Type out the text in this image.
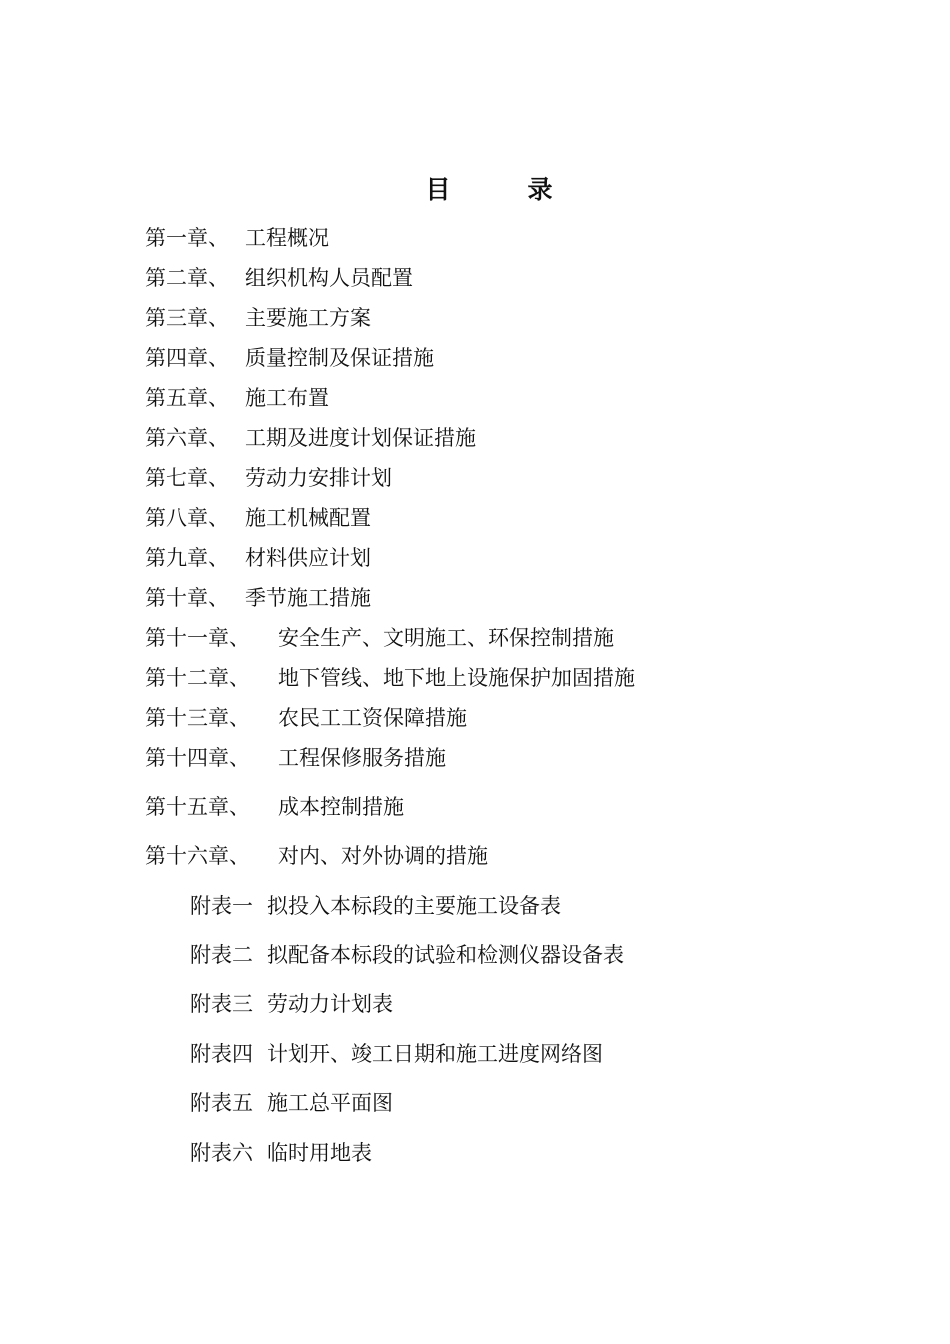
目　录
第一章、 工程概况
第二章、 组织机构人员配置
第三章、 主要施工方案
第四章、 质量控制及保证措施
第五章、 施工布置
第六章、 工期及进度计划保证措施
第七章、 劳动力安排计划
第八章、 施工机械配置
第九章、 材料供应计划
第十章、 季节施工措施
第十一章、 安全生产、文明施工、环保控制措施
第十二章、 地下管线、地下地上设施保护加固措施
第十三章、 农民工工资保障措施
第十四章、 工程保修服务措施
第十五章、 成本控制措施
第十六章、 对内、对外协调的措施
附表一 拟投入本标段的主要施工设备表
附表二 拟配备本标段的试验和检测仪器设备表
附表三 劳动力计划表
附表四 计划开、竣工日期和施工进度网络图
附表五 施工总平面图
附表六 临时用地表
